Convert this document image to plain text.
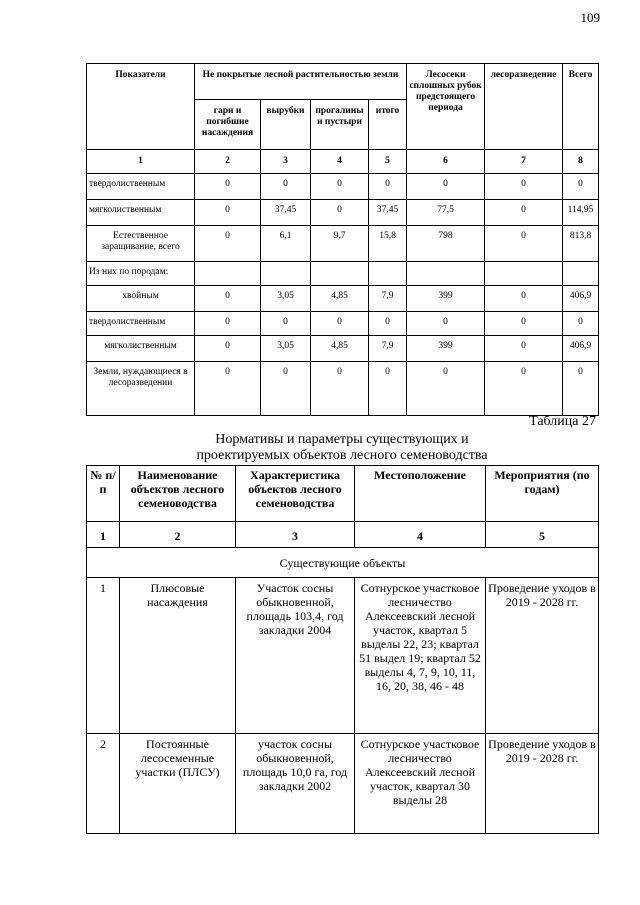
109
Показатели	Не покрытые лесной растительностью земли				Лесосеки сплошных рубок предстоящего периода	лесоразведение	Всего
	гари и погибшие насаждения	вырубки	прогалины и пустыри	итого			
1	2	3	4	5	6	7	8
твердолиственным	0	0	0	0	0	0	0
мягколиственным	0	37,45	0	37,45	77,5	0	114,95
Естественное заращивание, всего	0	6,1	9,7	15,8	798	0	813,8
Из них по породам:							
хвойным	0	3,05	4,85	7,9	399	0	406,9
твердолиственным	0	0	0	0	0	0	0
мягколиственным	0	3,05	4,85	7,9	399	0	406,9
Земли, нуждающиеся в лесоразведении	0	0	0	0	0	0	0
Таблица 27
Нормативы и параметры существующих и
проектируемых объектов лесного семеноводства
№ п/п	Наименование объектов лесного семеноводства	Характеристика объектов лесного семеноводства	Местоположение	Мероприятия (по годам)
1	2	3	4	5
Существующие объекты				
1	Плюсовые насаждения	Участок сосны обыкновенной, площадь 103,4, год закладки 2004	Сотнурское участковое лесничество Алексеевский лесной участок, квартал 5 выделы 22, 23; квартал 51 выдел 19; квартал 52 выделы 4, 7, 9, 10, 11, 16, 20, 38, 46 - 48	Проведение уходов в 2019 - 2028 гг.
2	Постоянные лесосеменные участки (ПЛСУ)	участок сосны обыкновенной, площадь 10,0 га, год закладки 2002	Сотнурское участковое лесничество Алексеевский лесной участок, квартал 30 выделы 28	Проведение уходов в 2019 - 2028 гг.
